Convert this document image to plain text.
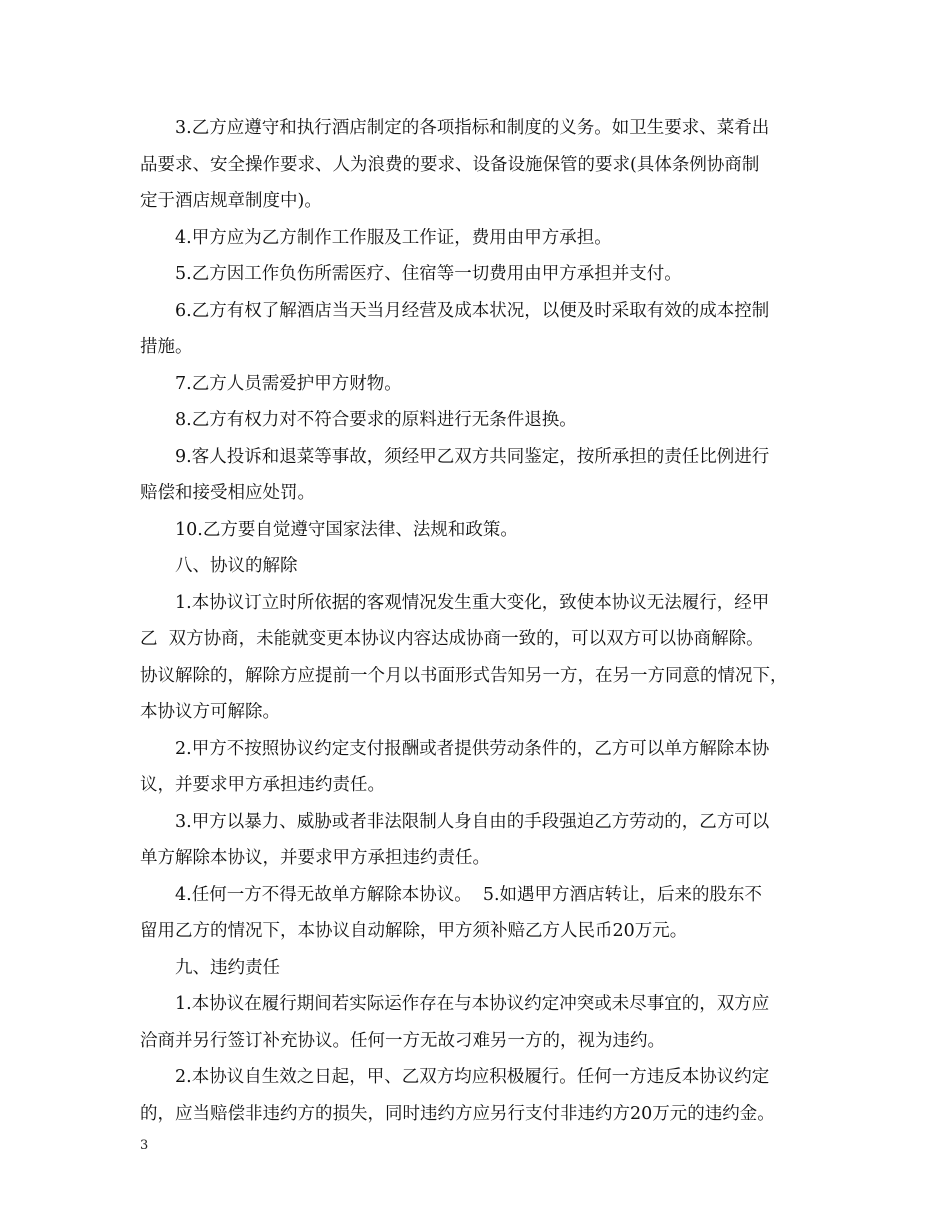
　　3.乙方应遵守和执行酒店制定的各项指标和制度的义务。如卫生要求、菜肴出
品要求、安全操作要求、人为浪费的要求、设备设施保管的要求(具体条例协商制
定于酒店规章制度中)。

　　4.甲方应为乙方制作工作服及工作证，费用由甲方承担。

　　5.乙方因工作负伤所需医疗、住宿等一切费用由甲方承担并支付。

　　6.乙方有权了解酒店当天当月经营及成本状况，以便及时采取有效的成本控制
措施。

　　7.乙方人员需爱护甲方财物。

　　8.乙方有权力对不符合要求的原料进行无条件退换。

　　9.客人投诉和退菜等事故，须经甲乙双方共同鉴定，按所承担的责任比例进行
赔偿和接受相应处罚。

　　10.乙方要自觉遵守国家法律、法规和政策。

　　八、协议的解除

　　1.本协议订立时所依据的客观情况发生重大变化，致使本协议无法履行，经甲
乙  双方协商，未能就变更本协议内容达成协商一致的，可以双方可以协商解除。
协议解除的，解除方应提前一个月以书面形式告知另一方，在另一方同意的情况下，
本协议方可解除。

　　2.甲方不按照协议约定支付报酬或者提供劳动条件的，乙方可以单方解除本协
议，并要求甲方承担违约责任。

　　3.甲方以暴力、威胁或者非法限制人身自由的手段强迫乙方劳动的，乙方可以
单方解除本协议，并要求甲方承担违约责任。

　　4.任何一方不得无故单方解除本协议。  5.如遇甲方酒店转让，后来的股东不
留用乙方的情况下，本协议自动解除，甲方须补赔乙方人民币20万元。

　　九、违约责任

　　1.本协议在履行期间若实际运作存在与本协议约定冲突或未尽事宜的，双方应
洽商并另行签订补充协议。任何一方无故刁难另一方的，视为违约。

　　2.本协议自生效之日起，甲、乙双方均应积极履行。任何一方违反本协议约定
的，应当赔偿非违约方的损失，同时违约方应另行支付非违约方20万元的违约金。

3
